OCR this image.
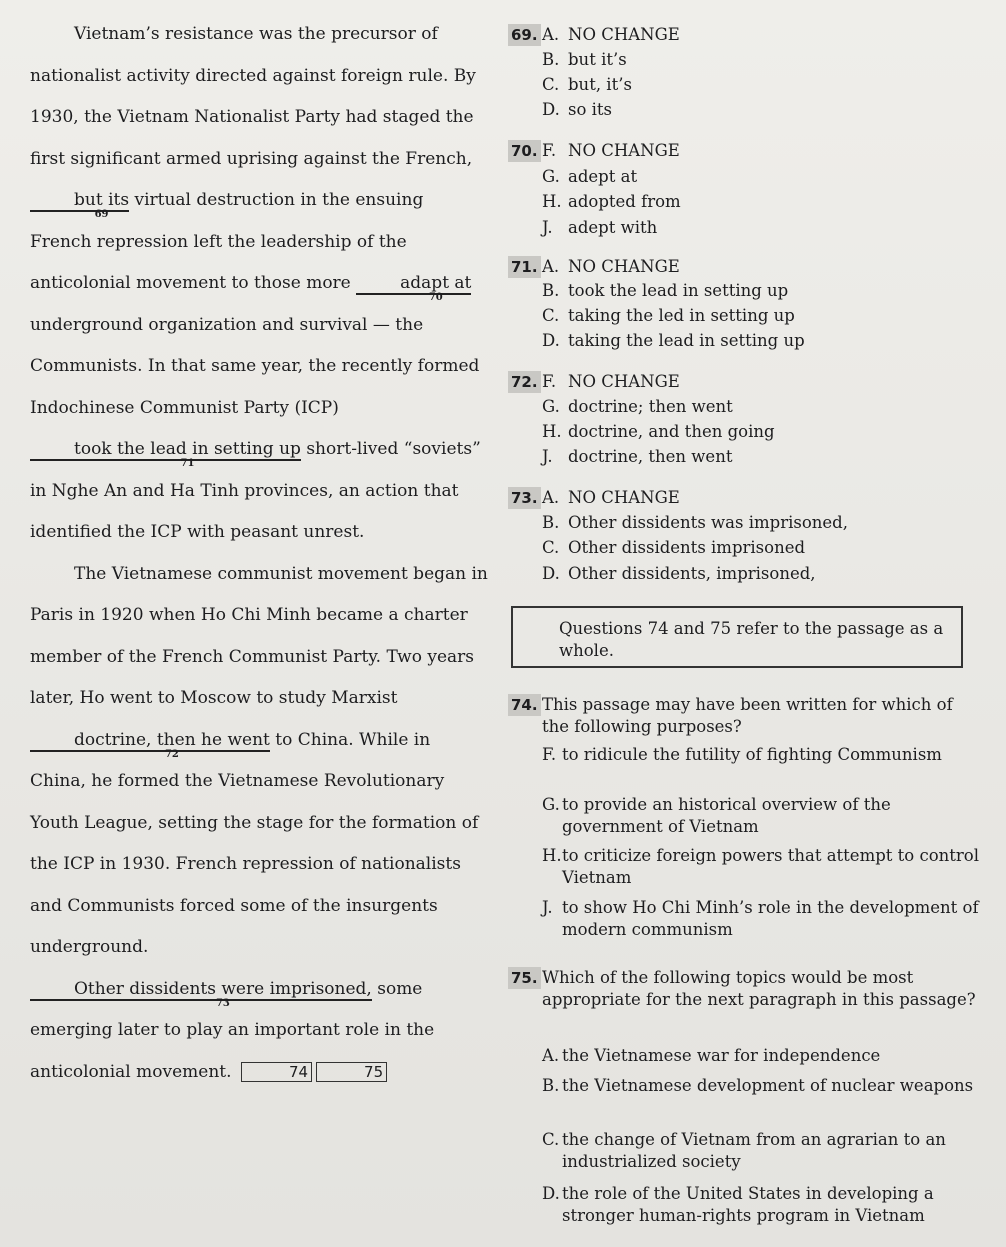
Vietnam’s resistance was the precursor of nationalist activity directed against foreign rule. By 1930, the Vietnam Nationalist Party had staged the first significant armed uprising against the French, but its
69
virtual destruction in the ensuing French repression left the leadership of the anticolonial movement to those more	adapt at
70
underground organization and survival — the Communists. In that same year, the recently formed Indochinese Communist Party (ICP) took the lead in setting up
71
short-lived “soviets” in Nghe An and Ha Tinh provinces, an action that identified the ICP with peasant unrest.

The Vietnamese communist movement began in Paris in 1920 when Ho Chi Minh became a charter member of the French Communist Party. Two years later, Ho went to Moscow to study Marxist doctrine, then he went
72
to China. While in China, he formed the Vietnamese Revolutionary Youth League, setting the stage for the formation of the ICP in 1930. French repression of nationalists and Communists forced some of the insurgents underground. Other dissidents were imprisoned,
73
some emerging later to play an important role in the anticolonial movement.	74	75

69. A. NO CHANGE
B. but it’s
C. but, it’s
D. so its
70. F. NO CHANGE
G. adept at
H. adopted from
J. adept with
71. A. NO CHANGE
B. took the lead in setting up
C. taking the led in setting up
D. taking the lead in setting up
72. F. NO CHANGE
G. doctrine; then went
H. doctrine, and then going
J. doctrine, then went
73. A. NO CHANGE
B. Other dissidents was imprisoned,
C. Other dissidents imprisoned
D. Other dissidents, imprisoned,
74. This passage may have been written for which of the following purposes?
F. to ridicule the futility of fighting Communism
G. to provide an historical overview of the government of Vietnam
H. to criticize foreign powers that attempt to control Vietnam
J. to show Ho Chi Minh’s role in the development of modern communism
75. Which of the following topics would be most appropriate for the next paragraph in this passage?
A. the Vietnamese war for independence
B. the Vietnamese development of nuclear weapons
C. the change of Vietnam from an agrarian to an industrialized society
D. the role of the United States in developing a stronger human-rights program in Vietnam
Questions 74 and 75 refer to the passage as a whole.
